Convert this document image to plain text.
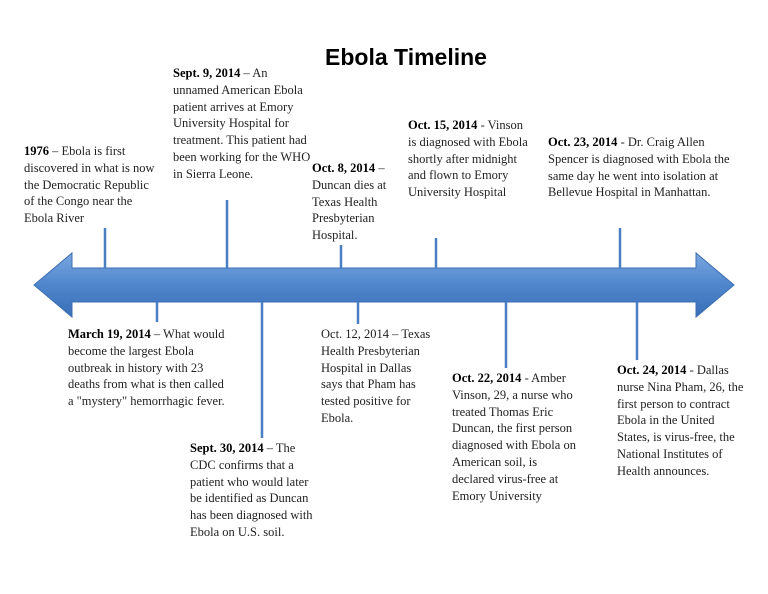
Ebola Timeline
1976 – Ebola is first discovered in what is now the Democratic Republic of the Congo near the Ebola River
March 19, 2014 – What would become the largest Ebola outbreak in history with 23 deaths from what is then called a "mystery" hemorrhagic fever.
Sept. 9, 2014 – An unnamed American Ebola patient arrives at Emory University Hospital for treatment. This patient had been working for the WHO in Sierra Leone.
Sept. 30, 2014 – The CDC confirms that a patient who would later be identified as Duncan has been diagnosed with Ebola on U.S. soil.
Oct. 8, 2014 – Duncan dies at Texas Health Presbyterian Hospital.
Oct. 12, 2014 – Texas Health Presbyterian Hospital in Dallas says that Pham has tested positive for Ebola.
Oct. 15, 2014 - Vinson is diagnosed with Ebola shortly after midnight and flown to Emory University Hospital
Oct. 22, 2014 - Amber Vinson, 29, a nurse who treated Thomas Eric Duncan, the first person diagnosed with Ebola on American soil, is declared virus-free at Emory University
Oct. 23, 2014 - Dr. Craig Allen Spencer is diagnosed with Ebola the same day he went into isolation at Bellevue Hospital in Manhattan.
Oct. 24, 2014 - Dallas nurse Nina Pham, 26, the first person to contract Ebola in the United States, is virus-free, the National Institutes of Health announces.
